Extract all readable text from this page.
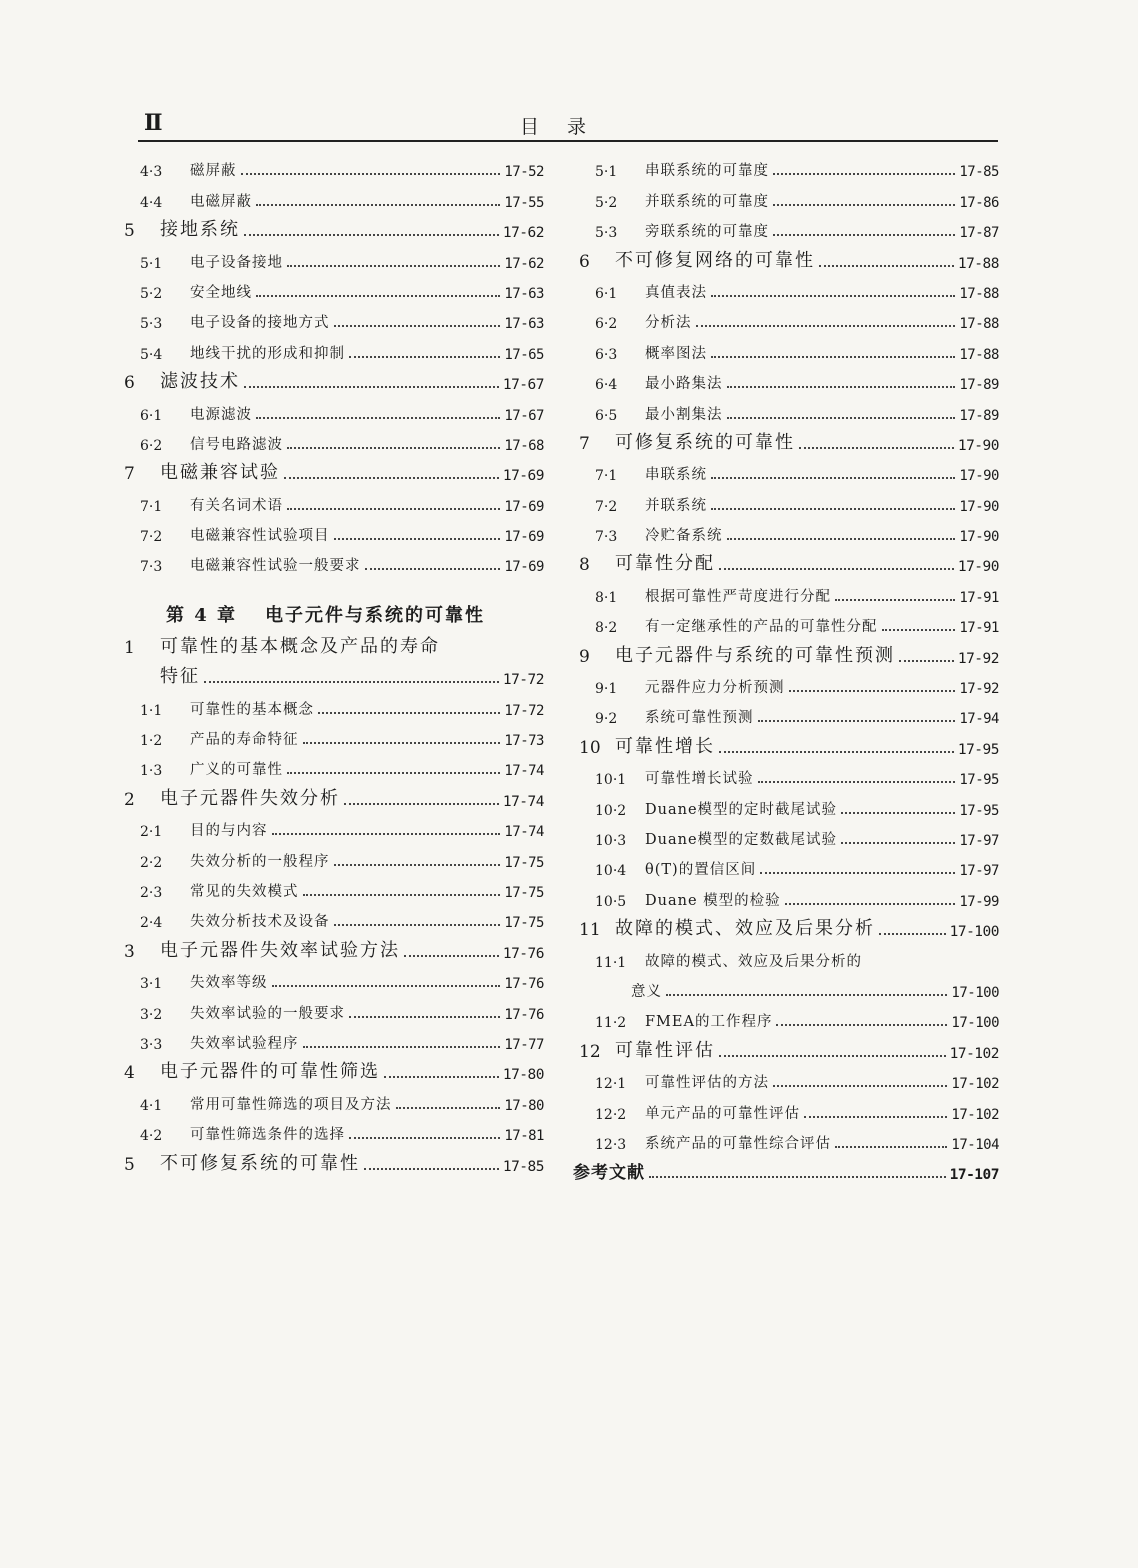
Ⅱ	目录
4·3	磁屏蔽	17-52
4·4	电磁屏蔽	17-55
5	接地系统	17-62
5·1	电子设备接地	17-62
5·2	安全地线	17-63
5·3	电子设备的接地方式	17-63
5·4	地线干扰的形成和抑制	17-65
6	滤波技术	17-67
6·1	电源滤波	17-67
6·2	信号电路滤波	17-68
7	电磁兼容试验	17-69
7·1	有关名词术语	17-69
7·2	电磁兼容性试验项目	17-69
7·3	电磁兼容性试验一般要求	17-69
第 4 章 电子元件与系统的可靠性
1	可靠性的基本概念及产品的寿命
特征	17-72
1·1	可靠性的基本概念	17-72
1·2	产品的寿命特征	17-73
1·3	广义的可靠性	17-74
2	电子元器件失效分析	17-74
2·1	目的与内容	17-74
2·2	失效分析的一般程序	17-75
2·3	常见的失效模式	17-75
2·4	失效分析技术及设备	17-75
3	电子元器件失效率试验方法	17-76
3·1	失效率等级	17-76
3·2	失效率试验的一般要求	17-76
3·3	失效率试验程序	17-77
4	电子元器件的可靠性筛选	17-80
4·1	常用可靠性筛选的项目及方法	17-80
4·2	可靠性筛选条件的选择	17-81
5	不可修复系统的可靠性	17-85
5·1	串联系统的可靠度	17-85
5·2	并联系统的可靠度	17-86
5·3	旁联系统的可靠度	17-87
6	不可修复网络的可靠性	17-88
6·1	真值表法	17-88
6·2	分析法	17-88
6·3	概率图法	17-88
6·4	最小路集法	17-89
6·5	最小割集法	17-89
7	可修复系统的可靠性	17-90
7·1	串联系统	17-90
7·2	并联系统	17-90
7·3	冷贮备系统	17-90
8	可靠性分配	17-90
8·1	根据可靠性严苛度进行分配	17-91
8·2	有一定继承性的产品的可靠性分配	17-91
9	电子元器件与系统的可靠性预测	17-92
9·1	元器件应力分析预测	17-92
9·2	系统可靠性预测	17-94
10 可靠性增长	17-95
10·1	可靠性增长试验	17-95
10·2	Duane模型的定时截尾试验	17-95
10·3	Duane模型的定数截尾试验	17-97
10·4	θ(T)的置信区间	17-97
10·5	Duane 模型的检验	17-99
11 故障的模式、效应及后果分析	17-100
11·1	故障的模式、效应及后果分析的
意义	17-100
11·2	FMEA的工作程序	17-100
12 可靠性评估	17-102
12·1	可靠性评估的方法	17-102
12·2	单元产品的可靠性评估	17-102
12·3	系统产品的可靠性综合评估	17-104
参考文献	17-107
